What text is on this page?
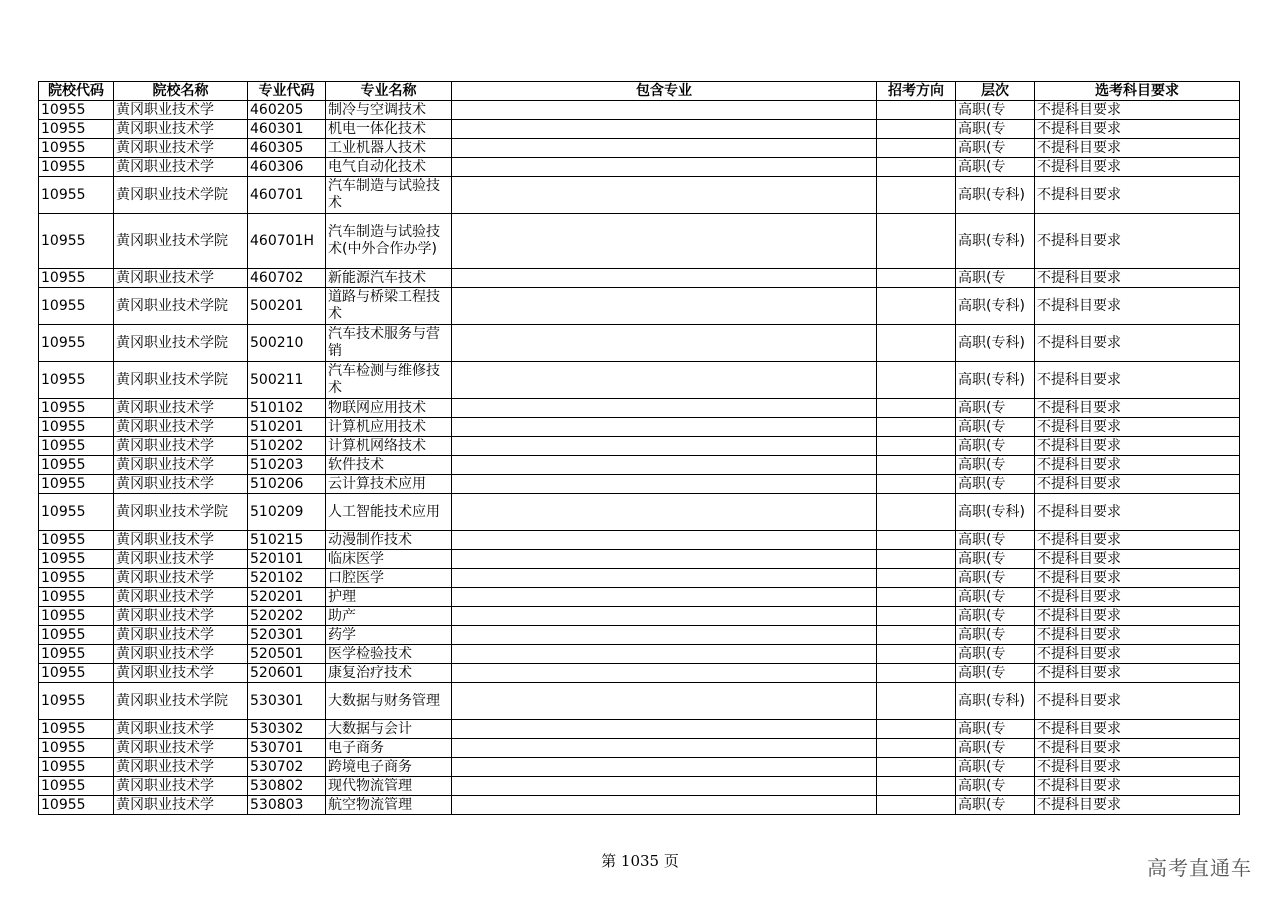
院校代码	院校名称	专业代码	专业名称	包含专业	招考方向	层次	选考科目要求

10955	黄冈职业技术学	460205	制冷与空调技术			高职(专	不提科目要求

10955	黄冈职业技术学	460301	机电一体化技术			高职(专	不提科目要求

10955	黄冈职业技术学	460305	工业机器人技术			高职(专	不提科目要求

10955	黄冈职业技术学	460306	电气自动化技术			高职(专	不提科目要求

10955	黄冈职业技术学院	460701	汽车制造与试验技术			高职(专科)	不提科目要求

10955	黄冈职业技术学院	460701H	汽车制造与试验技术(中外合作办学)			高职(专科)	不提科目要求

10955	黄冈职业技术学	460702	新能源汽车技术			高职(专	不提科目要求

10955	黄冈职业技术学院	500201	道路与桥梁工程技术			高职(专科)	不提科目要求

10955	黄冈职业技术学院	500210	汽车技术服务与营销			高职(专科)	不提科目要求

10955	黄冈职业技术学院	500211	汽车检测与维修技术			高职(专科)	不提科目要求

10955	黄冈职业技术学	510102	物联网应用技术			高职(专	不提科目要求

10955	黄冈职业技术学	510201	计算机应用技术			高职(专	不提科目要求

10955	黄冈职业技术学	510202	计算机网络技术			高职(专	不提科目要求

10955	黄冈职业技术学	510203	软件技术			高职(专	不提科目要求

10955	黄冈职业技术学	510206	云计算技术应用			高职(专	不提科目要求

10955	黄冈职业技术学院	510209	人工智能技术应用			高职(专科)	不提科目要求

10955	黄冈职业技术学	510215	动漫制作技术			高职(专	不提科目要求

10955	黄冈职业技术学	520101	临床医学			高职(专	不提科目要求

10955	黄冈职业技术学	520102	口腔医学			高职(专	不提科目要求

10955	黄冈职业技术学	520201	护理			高职(专	不提科目要求

10955	黄冈职业技术学	520202	助产			高职(专	不提科目要求

10955	黄冈职业技术学	520301	药学			高职(专	不提科目要求

10955	黄冈职业技术学	520501	医学检验技术			高职(专	不提科目要求

10955	黄冈职业技术学	520601	康复治疗技术			高职(专	不提科目要求

10955	黄冈职业技术学院	530301	大数据与财务管理			高职(专科)	不提科目要求

10955	黄冈职业技术学	530302	大数据与会计			高职(专	不提科目要求

10955	黄冈职业技术学	530701	电子商务			高职(专	不提科目要求

10955	黄冈职业技术学	530702	跨境电子商务			高职(专	不提科目要求

10955	黄冈职业技术学	530802	现代物流管理			高职(专	不提科目要求

10955	黄冈职业技术学	530803	航空物流管理			高职(专	不提科目要求
第 1035 页	高考直通车
